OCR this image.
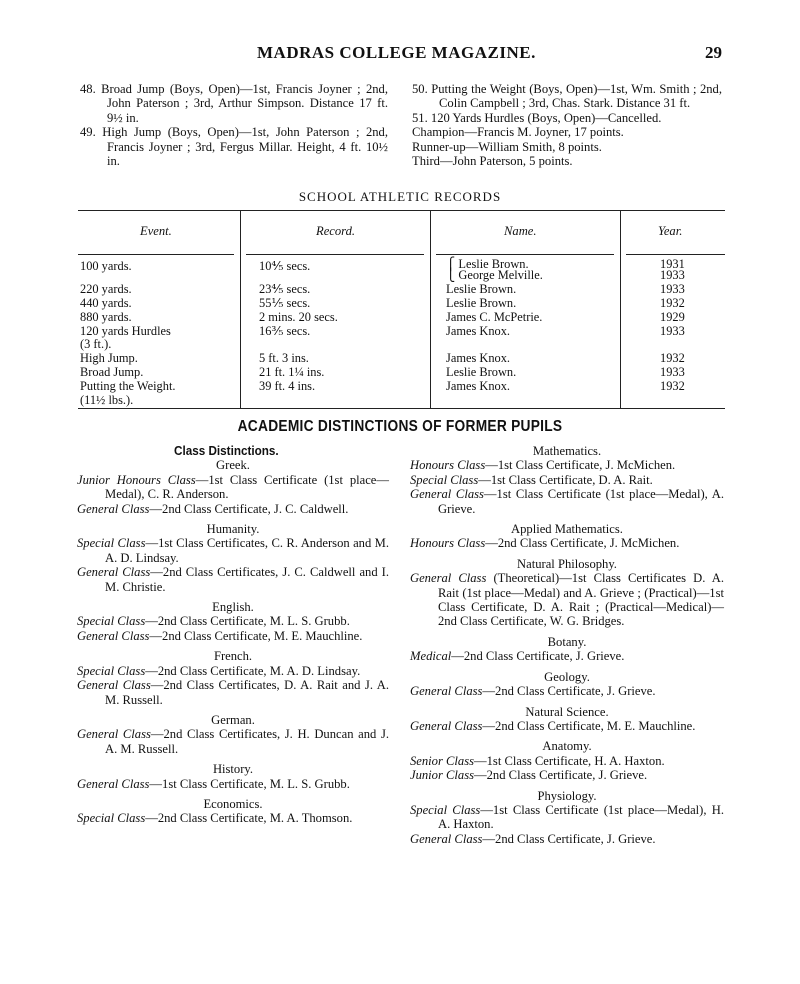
MADRAS COLLEGE MAGAZINE.	29

48. Broad Jump (Boys, Open)—1st, Francis Joyner ; 2nd, John Paterson ; 3rd, Arthur Simpson. Distance 17 ft. 9½ in.

49. High Jump (Boys, Open)—1st, John Paterson ; 2nd, Francis Joyner ; 3rd, Fergus Millar. Height, 4 ft. 10½ in.

50. Putting the Weight (Boys, Open)—1st, Wm. Smith ; 2nd, Colin Campbell ; 3rd, Chas. Stark. Distance 31 ft.

51. 120 Yards Hurdles (Boys, Open)—Cancelled.

Champion—Francis M. Joyner, 17 points.

Runner-up—William Smith, 8 points.

Third—John Paterson, 5 points.

SCHOOL ATHLETIC RECORDS
Event.	Record.	Name.	Year.
100 yards.	10⅘ secs.	⎧ Leslie Brown.	1931
⎩ George Melville.	1933
220 yards.	23⅘ secs.	Leslie Brown.	1933
440 yards.	55⅕ secs.	Leslie Brown.	1932
880 yards.	2 mins. 20 secs.	James C. McPetrie.	1929
120 yards Hurdles	16⅗ secs.	James Knox.	1933
(3 ft.).
High Jump.	5 ft. 3 ins.	James Knox.	1932
Broad Jump.	21 ft. 1¼ ins.	Leslie Brown.	1933
Putting the Weight.	39 ft. 4 ins.	James Knox.	1932
(11½ lbs.).
ACADEMIC DISTINCTIONS OF FORMER PUPILS

Class Distinctions.

Greek.

Junior Honours Class—1st Class Certificate (1st place—Medal), C. R. Anderson.

General Class—2nd Class Certificate, J. C. Caldwell.

Humanity.

Special Class—1st Class Certificates, C. R. Anderson and M. A. D. Lindsay.

General Class—2nd Class Certificates, J. C. Caldwell and I. M. Christie.

English.

Special Class—2nd Class Certificate, M. L. S. Grubb.

General Class—2nd Class Certificate, M. E. Mauchline.

French.

Special Class—2nd Class Certificate, M. A. D. Lindsay.

General Class—2nd Class Certificates, D. A. Rait and J. A. M. Russell.

German.

General Class—2nd Class Certificates, J. H. Duncan and J. A. M. Russell.

History.

General Class—1st Class Certificate, M. L. S. Grubb.

Economics.

Special Class—2nd Class Certificate, M. A. Thomson.

Mathematics.

Honours Class—1st Class Certificate, J. McMichen.

Special Class—1st Class Certificate, D. A. Rait.

General Class—1st Class Certificate (1st place—Medal), A. Grieve.

Applied Mathematics.

Honours Class—2nd Class Certificate, J. McMichen.

Natural Philosophy.

General Class (Theoretical)—1st Class Certificates D. A. Rait (1st place—Medal) and A. Grieve ; (Practical)—1st Class Certificate, D. A. Rait ; (Practical—Medical)—2nd Class Certificate, W. G. Bridges.

Botany.

Medical—2nd Class Certificate, J. Grieve.

Geology.

General Class—2nd Class Certificate, J. Grieve.

Natural Science.

General Class—2nd Class Certificate, M. E. Mauchline.

Anatomy.

Senior Class—1st Class Certificate, H. A. Haxton.

Junior Class—2nd Class Certificate, J. Grieve.

Physiology.

Special Class—1st Class Certificate (1st place—Medal), H. A. Haxton.

General Class—2nd Class Certificate, J. Grieve.
